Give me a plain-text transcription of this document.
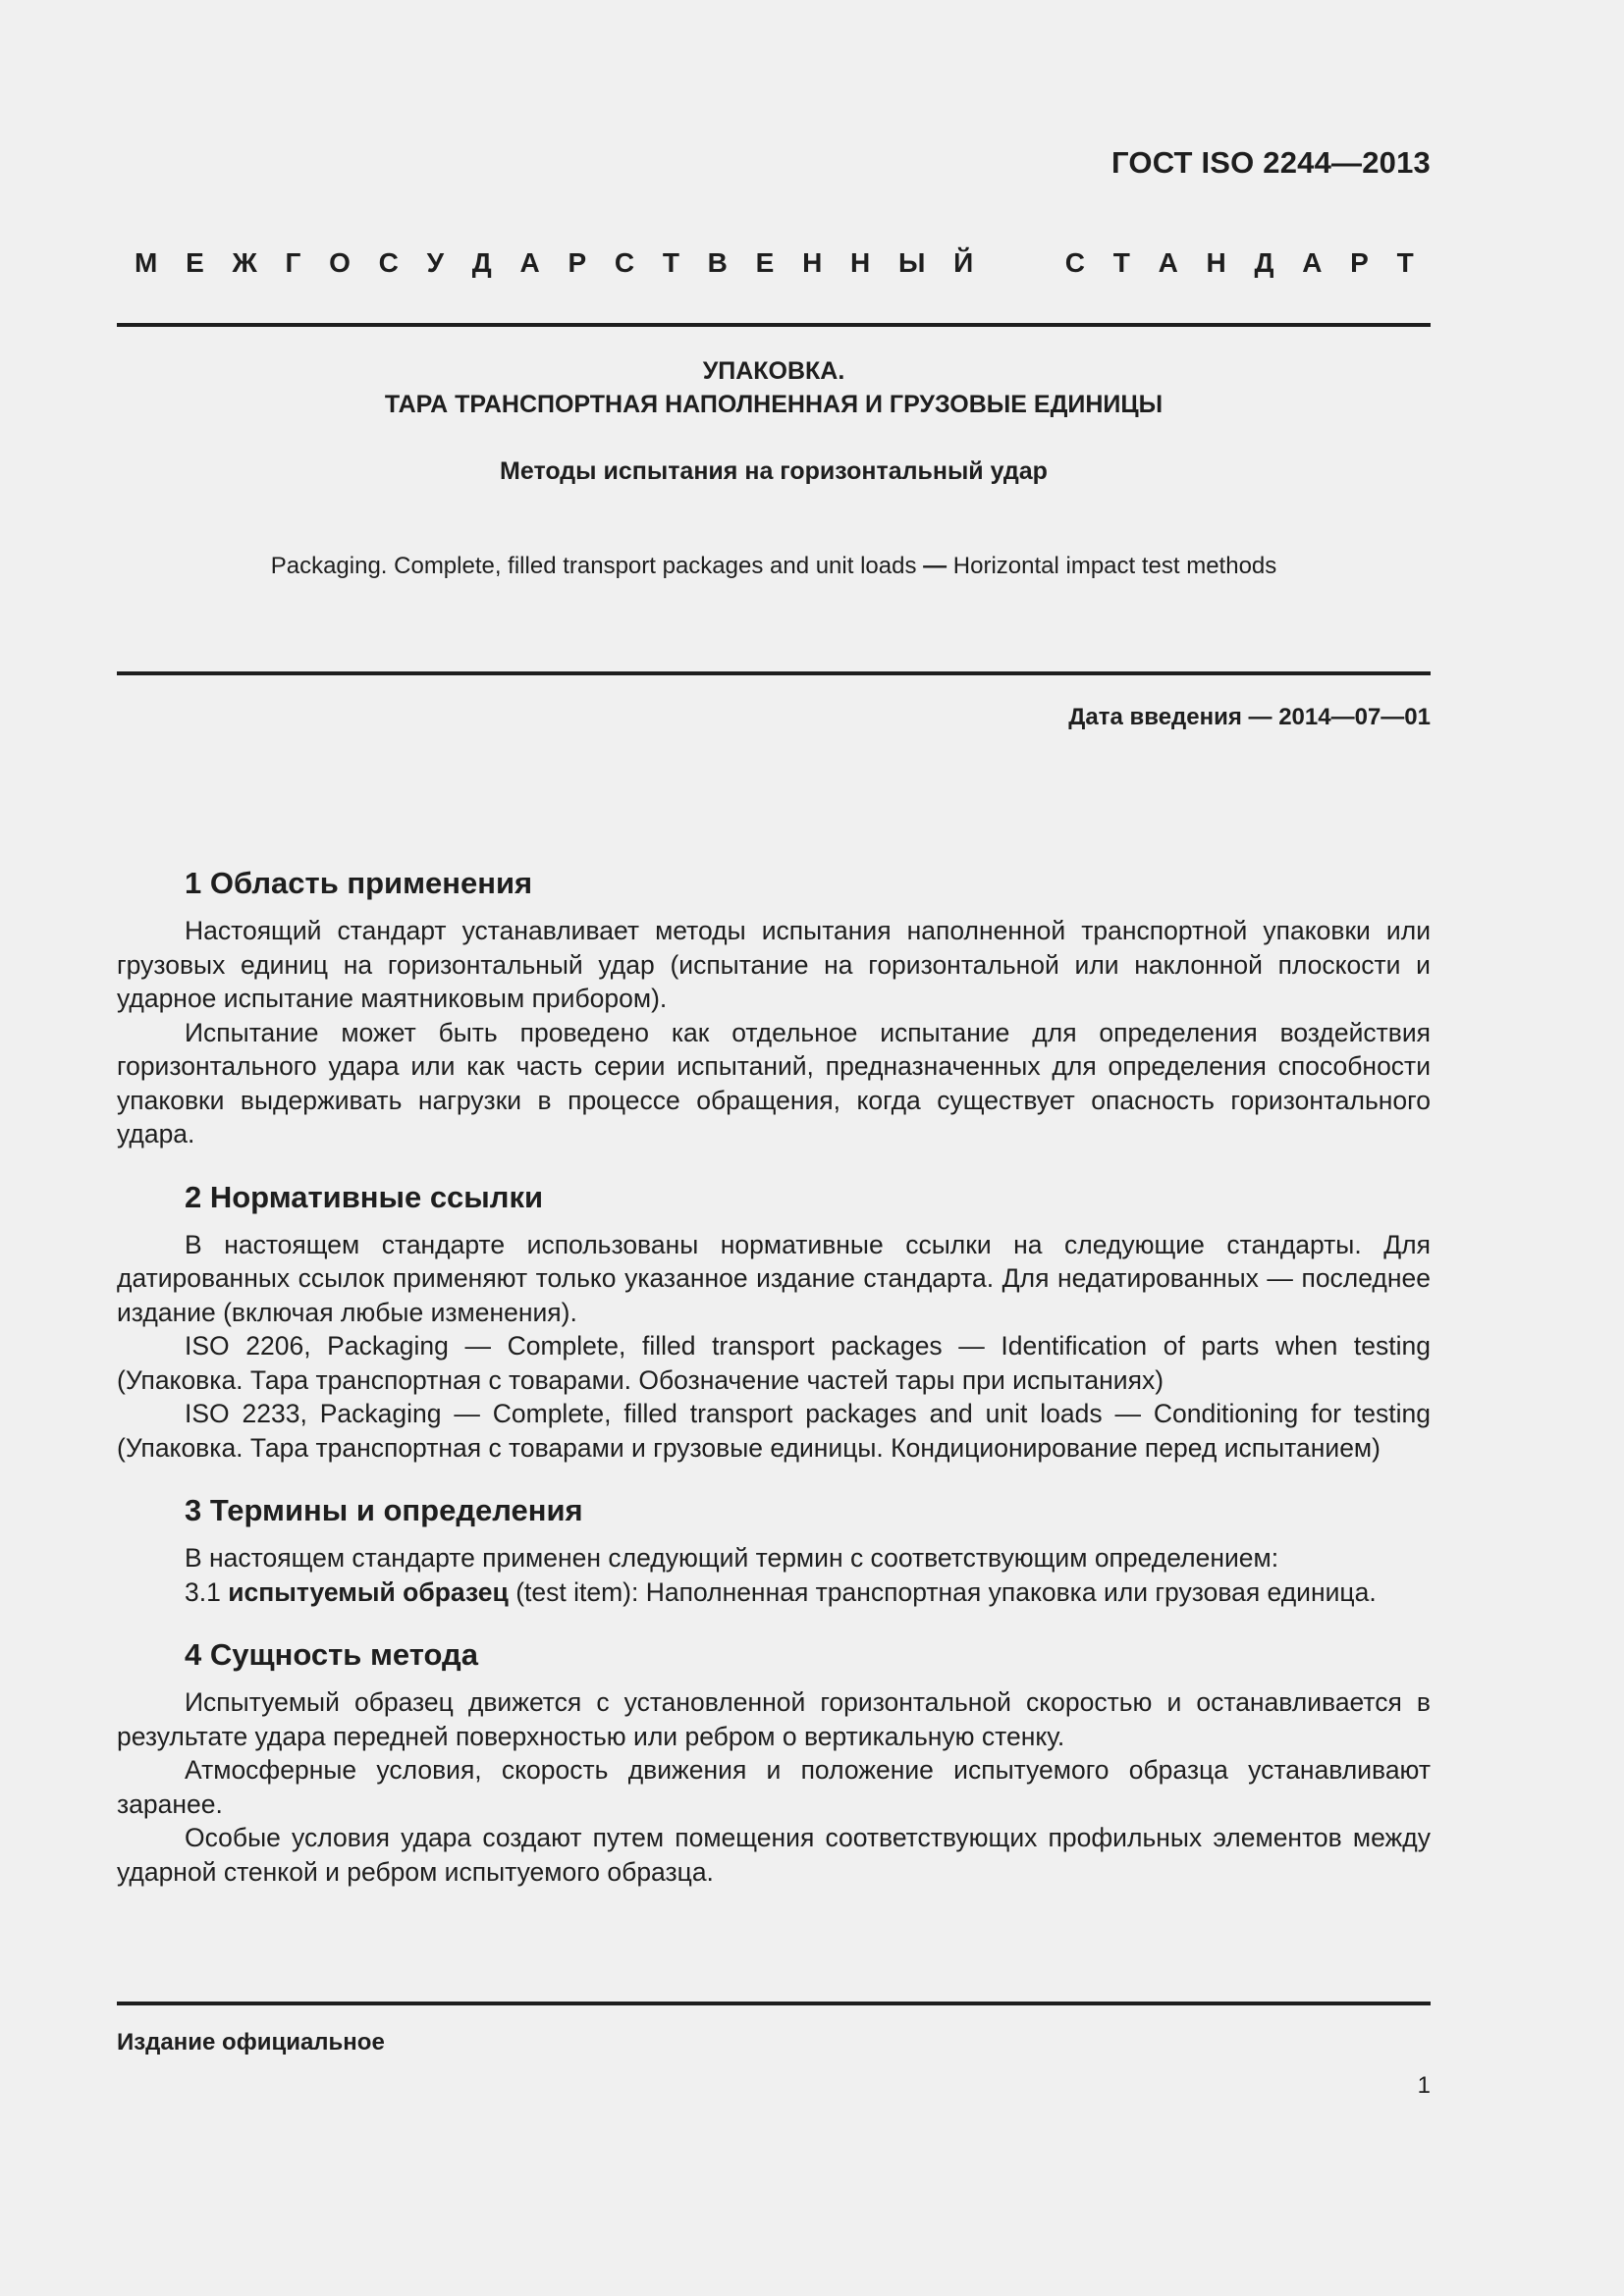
ГОСТ ISO 2244—2013
М Е Ж Г О С У Д А Р С Т В Е Н Н Ы Й	С Т А Н Д А Р Т
УПАКОВКА.
ТАРА ТРАНСПОРТНАЯ НАПОЛНЕННАЯ И ГРУЗОВЫЕ ЕДИНИЦЫ
Методы испытания на горизонтальный удар
Packaging. Complete, filled transport packages and unit loads — Horizontal impact test methods
Дата введения — 2014—07—01
1 Область применения

Настоящий стандарт устанавливает методы испытания наполненной транспортной упаковки или грузовых единиц на горизонтальный удар (испытание на горизонтальной или наклонной плоскости и ударное испытание маятниковым прибором).

Испытание может быть проведено как отдельное испытание для определения воздействия горизонтального удара или как часть серии испытаний, предназначенных для определения способности упаковки выдерживать нагрузки в процессе обращения, когда существует опасность горизонтального удара.

2 Нормативные ссылки

В настоящем стандарте использованы нормативные ссылки на следующие стандарты. Для датированных ссылок применяют только указанное издание стандарта. Для недатированных — последнее издание (включая любые изменения).

ISO 2206, Packaging — Complete, filled transport packages — Identification of parts when testing (Упаковка. Тара транспортная с товарами. Обозначение частей тары при испытаниях)

ISO 2233, Packaging — Complete, filled transport packages and unit loads — Conditioning for testing (Упаковка. Тара транспортная с товарами и грузовые единицы. Кондиционирование перед испытанием)

3 Термины и определения

В настоящем стандарте применен следующий термин с соответствующим определением:

3.1 испытуемый образец (test item): Наполненная транспортная упаковка или грузовая единица.

4 Сущность метода

Испытуемый образец движется с установленной горизонтальной скоростью и останавливается в результате удара передней поверхностью или ребром о вертикальную стенку.

Атмосферные условия, скорость движения и положение испытуемого образца устанавливают заранее.

Особые условия удара создают путем помещения соответствующих профильных элементов между ударной стенкой и ребром испытуемого образца.

Издание официальное
1
